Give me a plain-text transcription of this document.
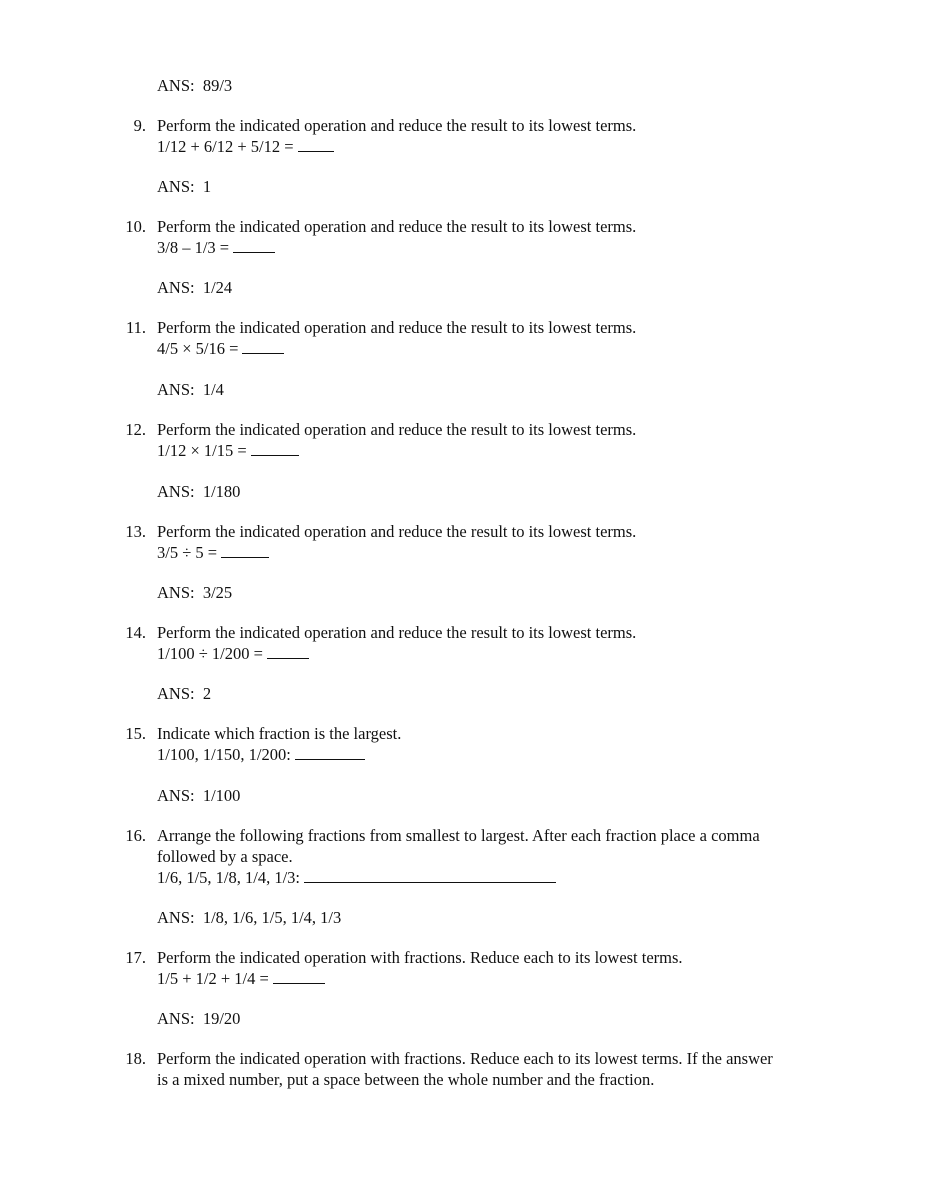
ANS:  89/3
9. Perform the indicated operation and reduce the result to its lowest terms.
1/12 + 6/12 + 5/12 =
ANS:  1
10. Perform the indicated operation and reduce the result to its lowest terms.
3/8 – 1/3 =
ANS:  1/24
11. Perform the indicated operation and reduce the result to its lowest terms.
4/5 × 5/16 =
ANS:  1/4
12. Perform the indicated operation and reduce the result to its lowest terms.
1/12 × 1/15 =
ANS:  1/180
13. Perform the indicated operation and reduce the result to its lowest terms.
3/5 ÷ 5 =
ANS:  3/25
14. Perform the indicated operation and reduce the result to its lowest terms.
1/100 ÷ 1/200 =
ANS:  2
15. Indicate which fraction is the largest.
1/100, 1/150, 1/200:
ANS:  1/100
16. Arrange the following fractions from smallest to largest. After each fraction place a comma
followed by a space.
1/6, 1/5, 1/8, 1/4, 1/3:
ANS:  1/8, 1/6, 1/5, 1/4, 1/3
17. Perform the indicated operation with fractions. Reduce each to its lowest terms.
1/5 + 1/2 + 1/4 =
ANS:  19/20
18. Perform the indicated operation with fractions. Reduce each to its lowest terms. If the answer
is a mixed number, put a space between the whole number and the fraction.
